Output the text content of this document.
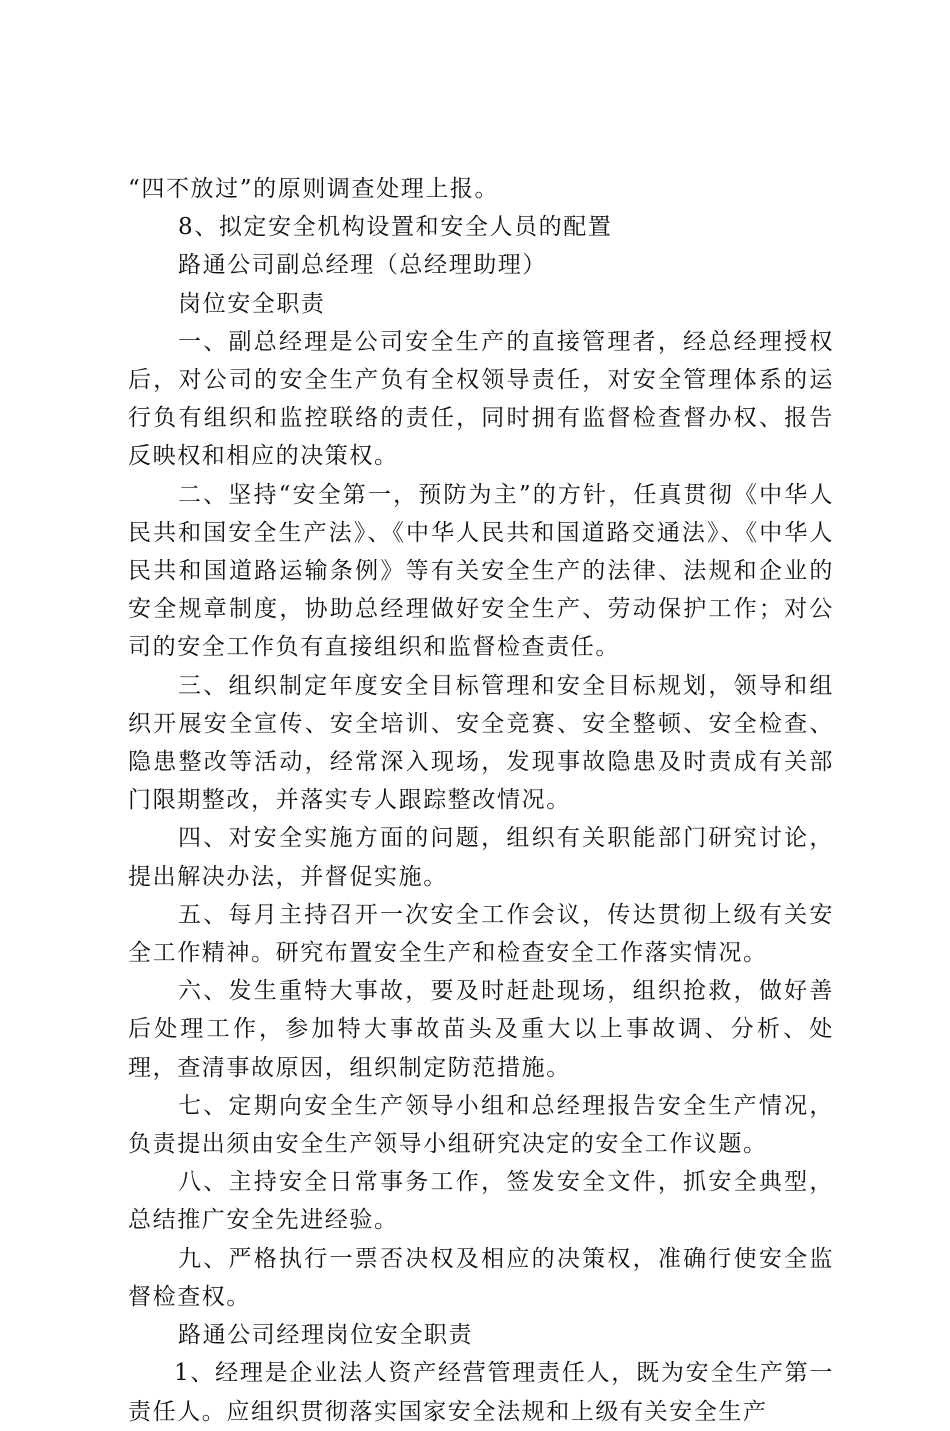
“四不放过”的原则调查处理上报。

8、拟定安全机构设置和安全人员的配置

路通公司副总经理（总经理助理）

岗位安全职责

一、副总经理是公司安全生产的直接管理者，经总经理授权后，对公司的安全生产负有全权领导责任，对安全管理体系的运行负有组织和监控联络的责任，同时拥有监督检查督办权、报告反映权和相应的决策权。

二、坚持“安全第一，预防为主”的方针，任真贯彻《中华人民共和国安全生产法》、《中华人民共和国道路交通法》、《中华人民共和国道路运输条例》等有关安全生产的法律、法规和企业的安全规章制度，协助总经理做好安全生产、劳动保护工作；对公司的安全工作负有直接组织和监督检查责任。

三、组织制定年度安全目标管理和安全目标规划，领导和组织开展安全宣传、安全培训、安全竞赛、安全整顿、安全检查、隐患整改等活动，经常深入现场，发现事故隐患及时责成有关部门限期整改，并落实专人跟踪整改情况。

四、对安全实施方面的问题，组织有关职能部门研究讨论，提出解决办法，并督促实施。

五、每月主持召开一次安全工作会议，传达贯彻上级有关安全工作精神。研究布置安全生产和检查安全工作落实情况。

六、发生重特大事故，要及时赶赴现场，组织抢救，做好善后处理工作，参加特大事故苗头及重大以上事故调、分析、处理，查清事故原因，组织制定防范措施。

七、定期向安全生产领导小组和总经理报告安全生产情况，负责提出须由安全生产领导小组研究决定的安全工作议题。

八、主持安全日常事务工作，签发安全文件，抓安全典型，总结推广安全先进经验。

九、严格执行一票否决权及相应的决策权，准确行使安全监督检查权。

路通公司经理岗位安全职责

1、经理是企业法人资产经营管理责任人，既为安全生产第一责任人。应组织贯彻落实国家安全法规和上级有关安全生产
